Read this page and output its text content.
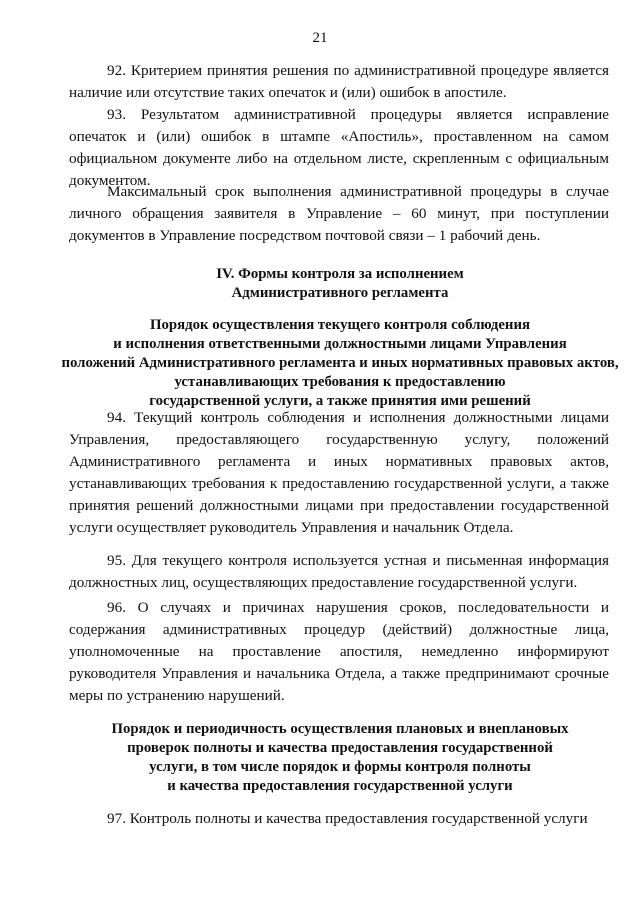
21

92. Критерием принятия решения по административной процедуре является наличие или отсутствие таких опечаток и (или) ошибок в апостиле.

93. Результатом административной процедуры является исправление опечаток и (или) ошибок в штампе «Апостиль», проставленном на самом официальном документе либо на отдельном листе, скрепленным с официальным документом.

Максимальный срок выполнения административной процедуры в случае личного обращения заявителя в Управление – 60 минут, при поступлении документов в Управление посредством почтовой связи – 1 рабочий день.

IV. Формы контроля за исполнением
Административного регламента
Порядок осуществления текущего контроля соблюдения
и исполнения ответственными должностными лицами Управления
положений Административного регламента и иных нормативных правовых актов,
устанавливающих требования к предоставлению
государственной услуги, а также принятия ими решений

94. Текущий контроль соблюдения и исполнения должностными лицами Управления, предоставляющего государственную услугу, положений Административного регламента и иных нормативных правовых актов, устанавливающих требования к предоставлению государственной услуги, а также принятия решений должностными лицами при предоставлении государственной услуги осуществляет руководитель Управления и начальник Отдела.

95. Для текущего контроля используется устная и письменная информация должностных лиц, осуществляющих предоставление государственной услуги.

96. О случаях и причинах нарушения сроков, последовательности и содержания административных процедур (действий) должностные лица, уполномоченные на проставление апостиля, немедленно информируют руководителя Управления и начальника Отдела, а также предпринимают срочные меры по устранению нарушений.

Порядок и периодичность осуществления плановых и внеплановых
проверок полноты и качества предоставления государственной
услуги, в том числе порядок и формы контроля полноты
и качества предоставления государственной услуги

97. Контроль полноты и качества предоставления государственной услуги
